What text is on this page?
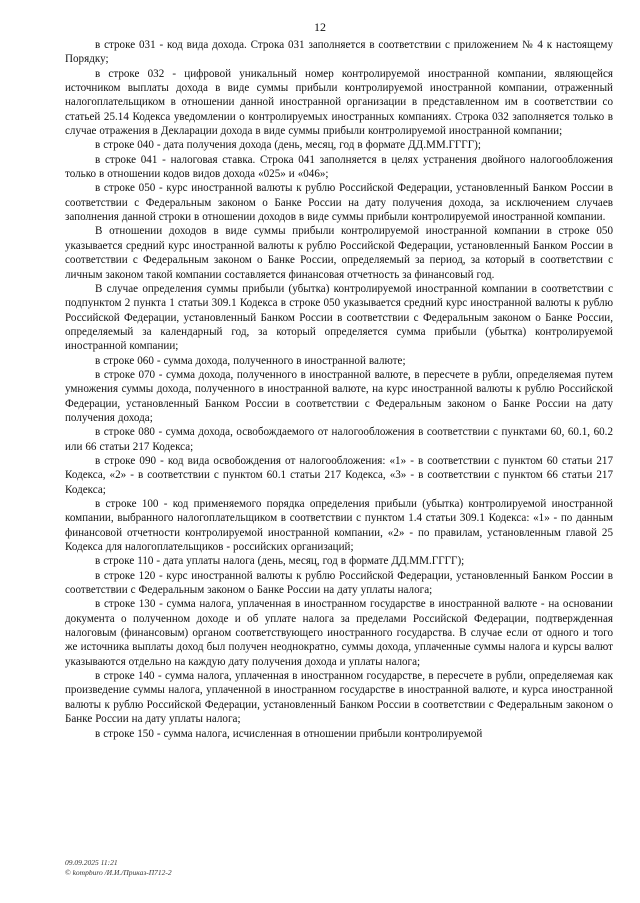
12

в строке 031 - код вида дохода. Строка 031 заполняется в соответствии с приложением № 4 к настоящему Порядку;

в строке 032 - цифровой уникальный номер контролируемой иностранной компании, являющейся источником выплаты дохода в виде суммы прибыли контролируемой иностранной компании, отраженный налогоплательщиком в отношении данной иностранной организации в представленном им в соответствии со статьей 25.14 Кодекса уведомлении о контролируемых иностранных компаниях. Строка 032 заполняется только в случае отражения в Декларации дохода в виде суммы прибыли контролируемой иностранной компании;

в строке 040 - дата получения дохода (день, месяц, год в формате ДД.ММ.ГГГГ);

в строке 041 - налоговая ставка. Строка 041 заполняется в целях устранения двойного налогообложения только в отношении кодов видов дохода «025» и «046»;

в строке 050 - курс иностранной валюты к рублю Российской Федерации, установленный Банком России в соответствии с Федеральным законом о Банке России на дату получения дохода, за исключением случаев заполнения данной строки в отношении доходов в виде суммы прибыли контролируемой иностранной компании.

В отношении доходов в виде суммы прибыли контролируемой иностранной компании в строке 050 указывается средний курс иностранной валюты к рублю Российской Федерации, установленный Банком России в соответствии с Федеральным законом о Банке России, определяемый за период, за который в соответствии с личным законом такой компании составляется финансовая отчетность за финансовый год.

В случае определения суммы прибыли (убытка) контролируемой иностранной компании в соответствии с подпунктом 2 пункта 1 статьи 309.1 Кодекса в строке 050 указывается средний курс иностранной валюты к рублю Российской Федерации, установленный Банком России в соответствии с Федеральным законом о Банке России, определяемый за календарный год, за который определяется сумма прибыли (убытка) контролируемой иностранной компании;

в строке 060 - сумма дохода, полученного в иностранной валюте;

в строке 070 - сумма дохода, полученного в иностранной валюте, в пересчете в рубли, определяемая путем умножения суммы дохода, полученного в иностранной валюте, на курс иностранной валюты к рублю Российской Федерации, установленный Банком России в соответствии с Федеральным законом о Банке России на дату получения дохода;

в строке 080 - сумма дохода, освобождаемого от налогообложения в соответствии с пунктами 60, 60.1, 60.2 или 66 статьи 217 Кодекса;

в строке 090 - код вида освобождения от налогообложения: «1» - в соответствии с пунктом 60 статьи 217 Кодекса, «2» - в соответствии с пунктом 60.1 статьи 217 Кодекса, «3» - в соответствии с пунктом 66 статьи 217 Кодекса;

в строке 100 - код применяемого порядка определения прибыли (убытка) контролируемой иностранной компании, выбранного налогоплательщиком в соответствии с пунктом 1.4 статьи 309.1 Кодекса: «1» - по данным финансовой отчетности контролируемой иностранной компании, «2» - по правилам, установленным главой 25 Кодекса для налогоплательщиков - российских организаций;

в строке 110 - дата уплаты налога (день, месяц, год в формате ДД.ММ.ГГГГ);

в строке 120 - курс иностранной валюты к рублю Российской Федерации, установленный Банком России в соответствии с Федеральным законом о Банке России на дату уплаты налога;

в строке 130 - сумма налога, уплаченная в иностранном государстве в иностранной валюте - на основании документа о полученном доходе и об уплате налога за пределами Российской Федерации, подтвержденная налоговым (финансовым) органом соответствующего иностранного государства. В случае если от одного и того же источника выплаты доход был получен неоднократно, суммы дохода, уплаченные суммы налога и курсы валют указываются отдельно на каждую дату получения дохода и уплаты налога;

в строке 140 - сумма налога, уплаченная в иностранном государстве, в пересчете в рубли, определяемая как произведение суммы налога, уплаченной в иностранном государстве в иностранной валюте, и курса иностранной валюты к рублю Российской Федерации, установленный Банком России в соответствии с Федеральным законом о Банке России на дату уплаты налога;

в строке 150 - сумма налога, исчисленная в отношении прибыли контролируемой

09.09.2025 11:21
© kompburo /И.И./Приказ-П712-2
